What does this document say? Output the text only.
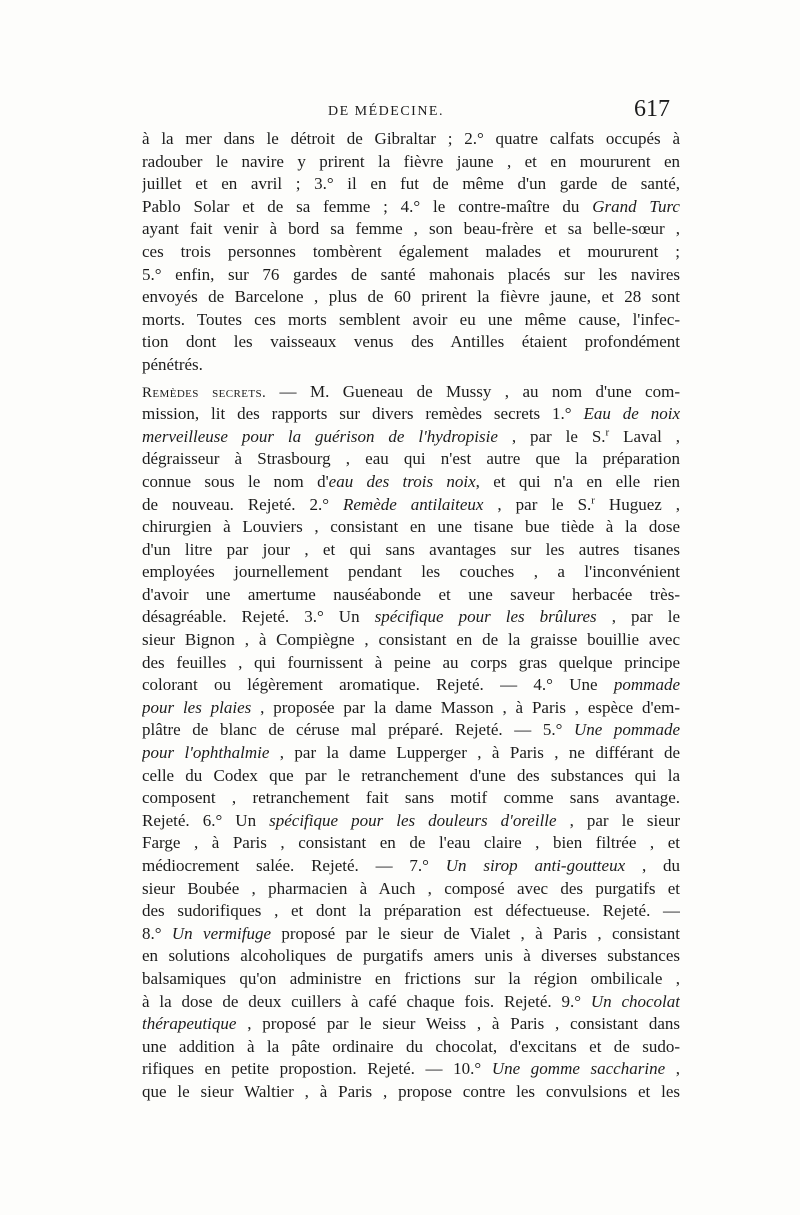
DE MÉDECINE.	617
à la mer dans le détroit de Gibraltar ; 2.° quatre calfats occupés à
radouber le navire y prirent la fièvre jaune , et en moururent en
juillet et en avril ; 3.° il en fut de même d'un garde de santé,
Pablo Solar et de sa femme ; 4.° le contre-maître du Grand Turc
ayant fait venir à bord sa femme , son beau-frère et sa belle-sœur ,
ces trois personnes tombèrent également malades et moururent ;
5.° enfin, sur 76 gardes de santé mahonais placés sur les navires
envoyés de Barcelone , plus de 60 prirent la fièvre jaune, et 28 sont
morts. Toutes ces morts semblent avoir eu une même cause, l'infec-
tion dont les vaisseaux venus des Antilles étaient profondément
pénétrés.
Remèdes secrets. — M. Gueneau de Mussy , au nom d'une com-
mission, lit des rapports sur divers remèdes secrets 1.° Eau de noix
merveilleuse pour la guérison de l'hydropisie , par le S.$^r$ Laval ,
dégraisseur à Strasbourg , eau qui n'est autre que la préparation
connue sous le nom d'eau des trois noix, et qui n'a en elle rien
de nouveau. Rejeté. 2.° Remède antilaiteux , par le S.$^r$ Huguez ,
chirurgien à Louviers , consistant en une tisane bue tiède à la dose
d'un litre par jour , et qui sans avantages sur les autres tisanes
employées journellement pendant les couches , a l'inconvénient
d'avoir une amertume nauséabonde et une saveur herbacée très-
désagréable. Rejeté. 3.° Un spécifique pour les brûlures , par le
sieur Bignon , à Compiègne , consistant en de la graisse bouillie avec
des feuilles , qui fournissent à peine au corps gras quelque principe
colorant ou légèrement aromatique. Rejeté. — 4.° Une pommade
pour les plaies , proposée par la dame Masson , à Paris , espèce d'em-
plâtre de blanc de céruse mal préparé. Rejeté. — 5.° Une pommade
pour l'ophthalmie , par la dame Lupperger , à Paris , ne différant de
celle du Codex que par le retranchement d'une des substances qui la
composent , retranchement fait sans motif comme sans avantage.
Rejeté. 6.° Un spécifique pour les douleurs d'oreille , par le sieur
Farge , à Paris , consistant en de l'eau claire , bien filtrée , et
médiocrement salée. Rejeté. — 7.° Un sirop anti-goutteux , du
sieur Boubée , pharmacien à Auch , composé avec des purgatifs et
des sudorifiques , et dont la préparation est défectueuse. Rejeté. —
8.° Un vermifuge proposé par le sieur de Vialet , à Paris , consistant
en solutions alcoholiques de purgatifs amers unis à diverses substances
balsamiques qu'on administre en frictions sur la région ombilicale ,
à la dose de deux cuillers à café chaque fois. Rejeté. 9.° Un chocolat
thérapeutique , proposé par le sieur Weiss , à Paris , consistant dans
une addition à la pâte ordinaire du chocolat, d'excitans et de sudo-
rifiques en petite propostion. Rejeté. — 10.° Une gomme saccharine ,
que le sieur Waltier , à Paris , propose contre les convulsions et les
